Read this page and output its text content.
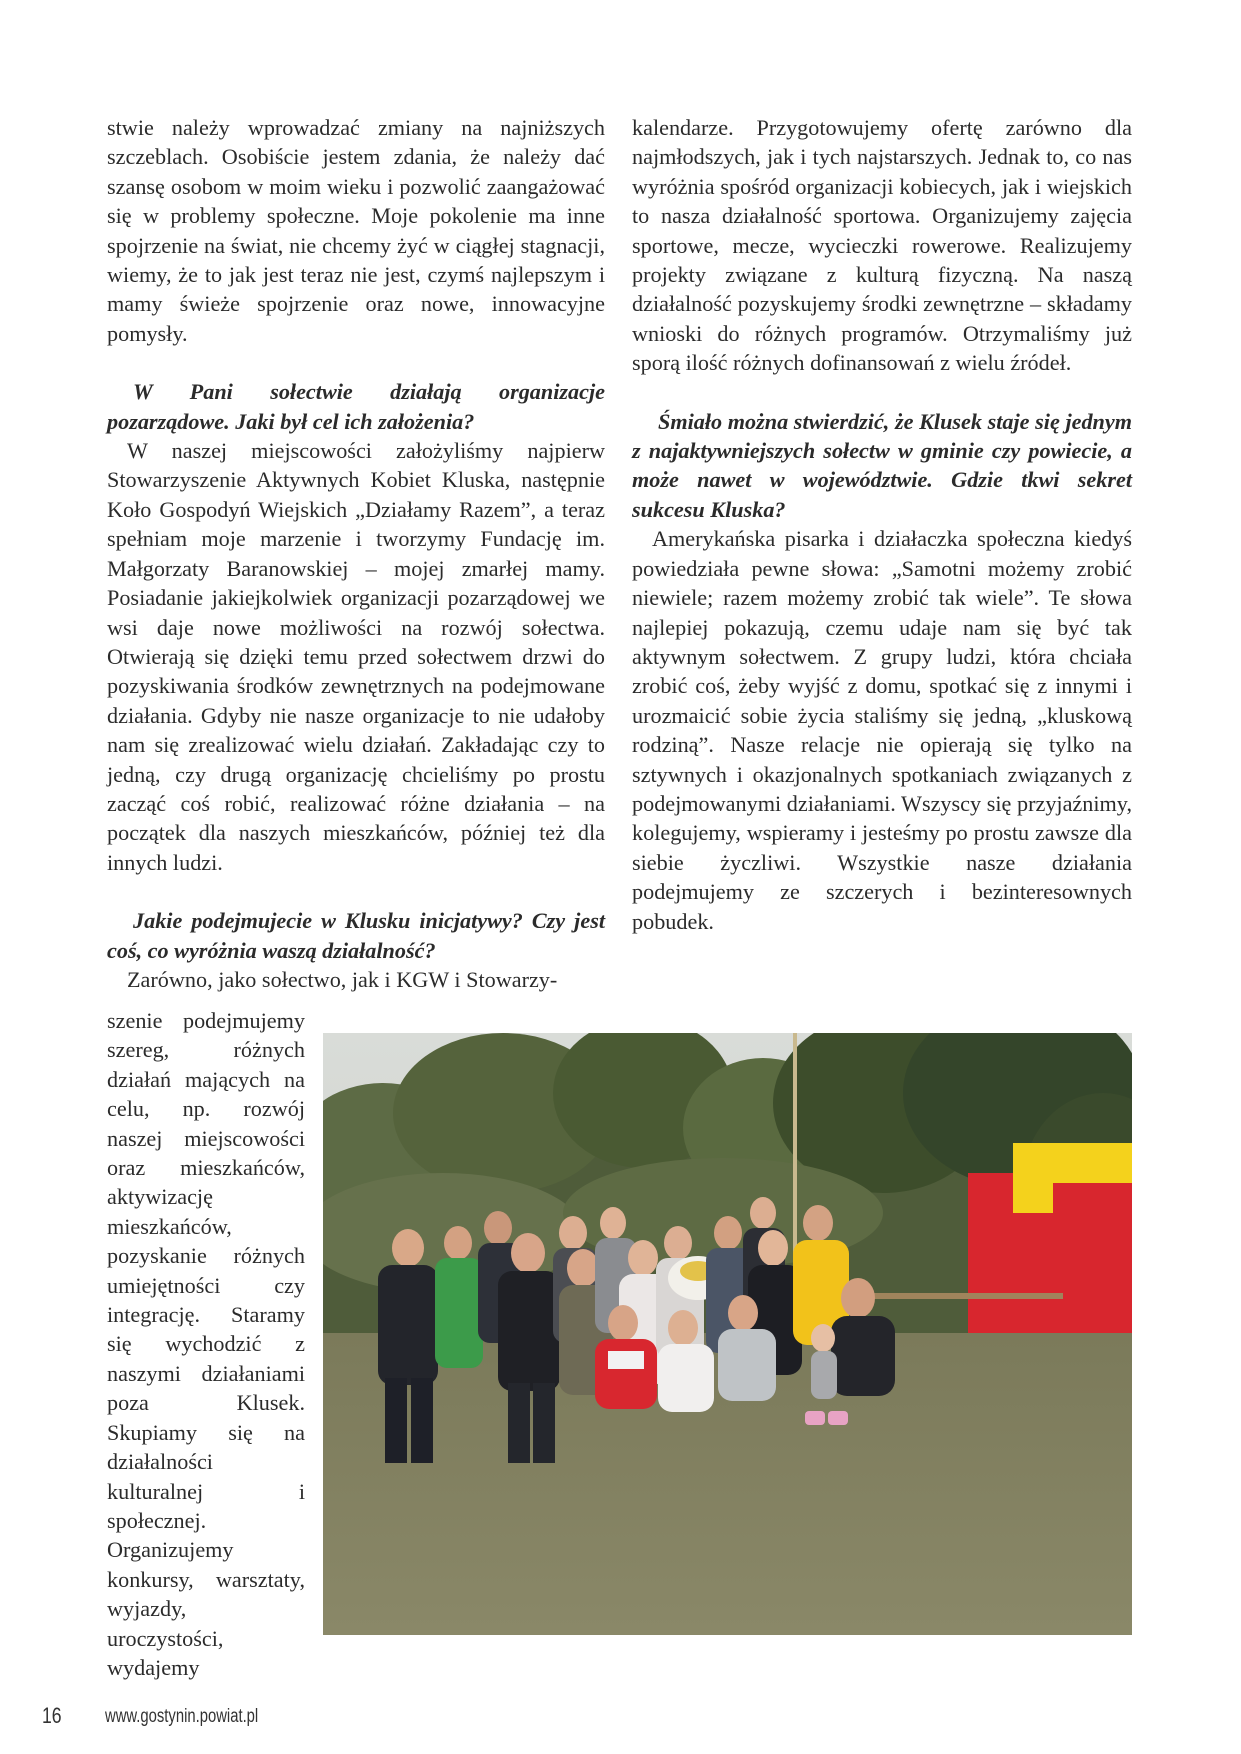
stwie należy wprowadzać zmiany na najniższych szczeblach. Osobiście jestem zdania, że należy dać szansę osobom w moim wieku i pozwolić zaangażować się w problemy społeczne. Moje pokolenie ma inne spojrzenie na świat, nie chcemy żyć w ciągłej stagnacji, wiemy, że to jak jest teraz nie jest, czymś najlepszym i mamy świeże spojrzenie oraz nowe, innowacyjne pomysły.

W Pani sołectwie działają organizacje pozarządowe. Jaki był cel ich założenia?

W naszej miejscowości założyliśmy najpierw Stowarzyszenie Aktywnych Kobiet Kluska, następnie Koło Gospodyń Wiejskich „Działamy Razem”, a teraz spełniam moje marzenie i tworzymy Fundację im. Małgorzaty Baranowskiej – mojej zmarłej mamy. Posiadanie jakiejkolwiek organizacji pozarządowej we wsi daje nowe możliwości na rozwój sołectwa. Otwierają się dzięki temu przed sołectwem drzwi do pozyskiwania środków zewnętrznych na podejmowane działania. Gdyby nie nasze organizacje to nie udałoby nam się zrealizować wielu działań. Zakładając czy to jedną, czy drugą organizację chcieliśmy po prostu zacząć coś robić, realizować różne działania – na początek dla naszych mieszkańców, później też dla innych ludzi.

Jakie podejmujecie w Klusku inicjatywy? Czy jest coś, co wyróżnia waszą działalność?

Zarówno, jako sołectwo, jak i KGW i Stowarzy-

szenie podejmujemy szereg, różnych działań mających na celu, np. rozwój naszej miejscowości oraz mieszkańców, aktywizację mieszkańców, pozyskanie różnych umiejętności czy integrację. Staramy się wychodzić z naszymi działaniami poza Klusek. Skupiamy się na działalności kulturalnej i społecznej. Organizujemy konkursy, warsztaty, wyjazdy, uroczystości, wydajemy

kalendarze. Przygotowujemy ofertę zarówno dla najmłodszych, jak i tych najstarszych. Jednak to, co nas wyróżnia spośród organizacji kobiecych, jak i wiejskich to nasza działalność sportowa. Organizujemy zajęcia sportowe, mecze, wycieczki rowerowe. Realizujemy projekty związane z kulturą fizyczną. Na naszą działalność pozyskujemy środki zewnętrzne – składamy wnioski do różnych programów. Otrzymaliśmy już sporą ilość różnych dofinansowań z wielu źródeł.

Śmiało można stwierdzić, że Klusek staje się jednym z najaktywniejszych sołectw w gminie czy powiecie, a może nawet w województwie. Gdzie tkwi sekret sukcesu Kluska?

Amerykańska pisarka i działaczka społeczna kiedyś powiedziała pewne słowa: „Samotni możemy zrobić niewiele; razem możemy zrobić tak wiele”. Te słowa najlepiej pokazują, czemu udaje nam się być tak aktywnym sołectwem. Z grupy ludzi, która chciała zrobić coś, żeby wyjść z domu, spotkać się z innymi i urozmaicić sobie życia staliśmy się jedną, „kluskową rodziną”. Nasze relacje nie opierają się tylko na sztywnych i okazjonalnych spotkaniach związanych z podejmowanymi działaniami. Wszyscy się przyjaźnimy, kolegujemy, wspieramy i jesteśmy po prostu zawsze dla siebie życzliwi. Wszystkie nasze działania podejmujemy ze szczerych i bezinteresownych pobudek.

16 www.gostynin.powiat.pl
